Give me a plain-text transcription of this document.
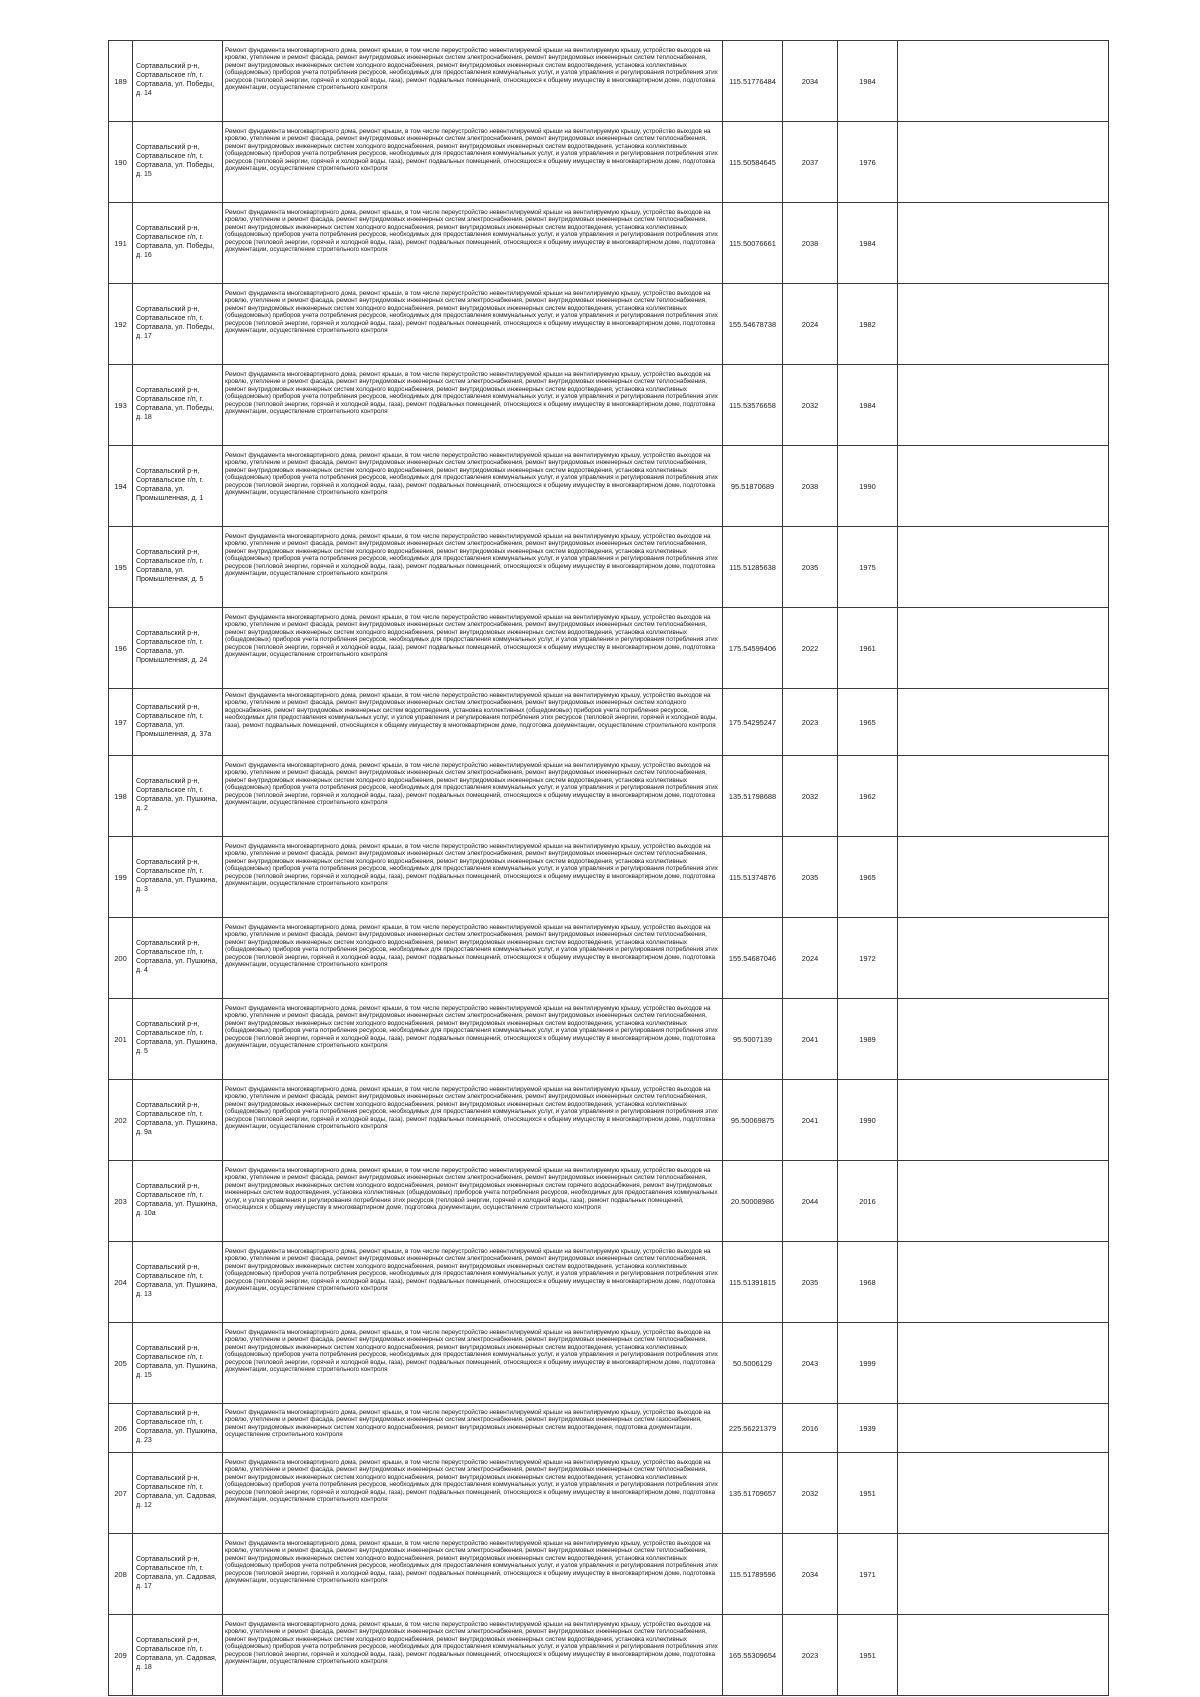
189	Сортавальский р-н, Сортавальское г/п, г. Сортавала, ул. Победы, д. 14	Ремонт фундамента многоквартирного дома, ремонт крыши, в том числе переустройство невентилируемой крыши на вентилируемую крышу, устройство выходов на кровлю, утепление и ремонт фасада, ремонт внутридомовых инженерных систем электроснабжения, ремонт внутридомовых инженерных систем теплоснабжения, ремонт внутридомовых инженерных систем холодного водоснабжения, ремонт внутридомовых инженерных систем водоотведения, установка коллективных (общедомовых) приборов учета потребления ресурсов, необходимых для предоставления коммунальных услуг, и узлов управления и регулирования потребления этих ресурсов (тепловой энергии, горячей и холодной воды, газа), ремонт подвальных помещений, относящихся к общему имуществу в многоквартирном доме, подготовка документации, осуществление строительного контроля	115.51776484	2034	1984	
190	Сортавальский р-н, Сортавальское г/п, г. Сортавала, ул. Победы, д. 15	Ремонт фундамента многоквартирного дома, ремонт крыши, в том числе переустройство невентилируемой крыши на вентилируемую крышу, устройство выходов на кровлю, утепление и ремонт фасада, ремонт внутридомовых инженерных систем электроснабжения, ремонт внутридомовых инженерных систем теплоснабжения, ремонт внутридомовых инженерных систем холодного водоснабжения, ремонт внутридомовых инженерных систем водоотведения, установка коллективных (общедомовых) приборов учета потребления ресурсов, необходимых для предоставления коммунальных услуг, и узлов управления и регулирования потребления этих ресурсов (тепловой энергии, горячей и холодной воды, газа), ремонт подвальных помещений, относящихся к общему имуществу в многоквартирном доме, подготовка документации, осуществление строительного контроля	115.50584645	2037	1976	
191	Сортавальский р-н, Сортавальское г/п, г. Сортавала, ул. Победы, д. 16	Ремонт фундамента многоквартирного дома, ремонт крыши, в том числе переустройство невентилируемой крыши на вентилируемую крышу, устройство выходов на кровлю, утепление и ремонт фасада, ремонт внутридомовых инженерных систем электроснабжения, ремонт внутридомовых инженерных систем теплоснабжения, ремонт внутридомовых инженерных систем холодного водоснабжения, ремонт внутридомовых инженерных систем водоотведения, установка коллективных (общедомовых) приборов учета потребления ресурсов, необходимых для предоставления коммунальных услуг, и узлов управления и регулирования потребления этих ресурсов (тепловой энергии, горячей и холодной воды, газа), ремонт подвальных помещений, относящихся к общему имуществу в многоквартирном доме, подготовка документации, осуществление строительного контроля	115.50076661	2038	1984	
192	Сортавальский р-н, Сортавальское г/п, г. Сортавала, ул. Победы, д. 17	Ремонт фундамента многоквартирного дома, ремонт крыши, в том числе переустройство невентилируемой крыши на вентилируемую крышу, устройство выходов на кровлю, утепление и ремонт фасада, ремонт внутридомовых инженерных систем электроснабжения, ремонт внутридомовых инженерных систем теплоснабжения, ремонт внутридомовых инженерных систем холодного водоснабжения, ремонт внутридомовых инженерных систем водоотведения, установка коллективных (общедомовых) приборов учета потребления ресурсов, необходимых для предоставления коммунальных услуг, и узлов управления и регулирования потребления этих ресурсов (тепловой энергии, горячей и холодной воды, газа), ремонт подвальных помещений, относящихся к общему имуществу в многоквартирном доме, подготовка документации, осуществление строительного контроля	155.54678738	2024	1982	
193	Сортавальский р-н, Сортавальское г/п, г. Сортавала, ул. Победы, д. 18	Ремонт фундамента многоквартирного дома, ремонт крыши, в том числе переустройство невентилируемой крыши на вентилируемую крышу, устройство выходов на кровлю, утепление и ремонт фасада, ремонт внутридомовых инженерных систем электроснабжения, ремонт внутридомовых инженерных систем теплоснабжения, ремонт внутридомовых инженерных систем холодного водоснабжения, ремонт внутридомовых инженерных систем водоотведения, установка коллективных (общедомовых) приборов учета потребления ресурсов, необходимых для предоставления коммунальных услуг, и узлов управления и регулирования потребления этих ресурсов (тепловой энергии, горячей и холодной воды, газа), ремонт подвальных помещений, относящихся к общему имуществу в многоквартирном доме, подготовка документации, осуществление строительного контроля	115.53576658	2032	1984	
194	Сортавальский р-н, Сортавальское г/п, г. Сортавала, ул. Промышленная, д. 1	Ремонт фундамента многоквартирного дома, ремонт крыши, в том числе переустройство невентилируемой крыши на вентилируемую крышу, устройство выходов на кровлю, утепление и ремонт фасада, ремонт внутридомовых инженерных систем электроснабжения, ремонт внутридомовых инженерных систем теплоснабжения, ремонт внутридомовых инженерных систем холодного водоснабжения, ремонт внутридомовых инженерных систем водоотведения, установка коллективных (общедомовых) приборов учета потребления ресурсов, необходимых для предоставления коммунальных услуг, и узлов управления и регулирования потребления этих ресурсов (тепловой энергии, горячей и холодной воды, газа), ремонт подвальных помещений, относящихся к общему имуществу в многоквартирном доме, подготовка документации, осуществление строительного контроля	95.51870689	2038	1990	
195	Сортавальский р-н, Сортавальское г/п, г. Сортавала, ул. Промышленная, д. 5	Ремонт фундамента многоквартирного дома, ремонт крыши, в том числе переустройство невентилируемой крыши на вентилируемую крышу, устройство выходов на кровлю, утепление и ремонт фасада, ремонт внутридомовых инженерных систем электроснабжения, ремонт внутридомовых инженерных систем теплоснабжения, ремонт внутридомовых инженерных систем холодного водоснабжения, ремонт внутридомовых инженерных систем водоотведения, установка коллективных (общедомовых) приборов учета потребления ресурсов, необходимых для предоставления коммунальных услуг, и узлов управления и регулирования потребления этих ресурсов (тепловой энергии, горячей и холодной воды, газа), ремонт подвальных помещений, относящихся к общему имуществу в многоквартирном доме, подготовка документации, осуществление строительного контроля	115.51285638	2035	1975	
196	Сортавальский р-н, Сортавальское г/п, г. Сортавала, ул. Промышленная, д. 24	Ремонт фундамента многоквартирного дома, ремонт крыши, в том числе переустройство невентилируемой крыши на вентилируемую крышу, устройство выходов на кровлю, утепление и ремонт фасада, ремонт внутридомовых инженерных систем электроснабжения, ремонт внутридомовых инженерных систем теплоснабжения, ремонт внутридомовых инженерных систем холодного водоснабжения, ремонт внутридомовых инженерных систем водоотведения, установка коллективных (общедомовых) приборов учета потребления ресурсов, необходимых для предоставления коммунальных услуг, и узлов управления и регулирования потребления этих ресурсов (тепловой энергии, горячей и холодной воды, газа), ремонт подвальных помещений, относящихся к общему имуществу в многоквартирном доме, подготовка документации, осуществление строительного контроля	175.54599406	2022	1961	
197	Сортавальский р-н, Сортавальское г/п, г. Сортавала, ул. Промышленная, д. 37а	Ремонт фундамента многоквартирного дома, ремонт крыши, в том числе переустройство невентилируемой крыши на вентилируемую крышу, устройство выходов на кровлю, утепление и ремонт фасада, ремонт внутридомовых инженерных систем электроснабжения, ремонт внутридомовых инженерных систем холодного водоснабжения, ремонт внутридомовых инженерных систем водоотведения, установка коллективных (общедомовых) приборов учета потребления ресурсов, необходимых для предоставления коммунальных услуг, и узлов управления и регулирования потребления этих ресурсов (тепловой энергии, горячей и холодной воды, газа), ремонт подвальных помещений, относящихся к общему имуществу в многоквартирном доме, подготовка документации, осуществление строительного контроля	175.54295247	2023	1965	
198	Сортавальский р-н, Сортавальское г/п, г. Сортавала, ул. Пушкина, д. 2	Ремонт фундамента многоквартирного дома, ремонт крыши, в том числе переустройство невентилируемой крыши на вентилируемую крышу, устройство выходов на кровлю, утепление и ремонт фасада, ремонт внутридомовых инженерных систем электроснабжения, ремонт внутридомовых инженерных систем теплоснабжения, ремонт внутридомовых инженерных систем холодного водоснабжения, ремонт внутридомовых инженерных систем водоотведения, установка коллективных (общедомовых) приборов учета потребления ресурсов, необходимых для предоставления коммунальных услуг, и узлов управления и регулирования потребления этих ресурсов (тепловой энергии, горячей и холодной воды, газа), ремонт подвальных помещений, относящихся к общему имуществу в многоквартирном доме, подготовка документации, осуществление строительного контроля	135.51798688	2032	1962	
199	Сортавальский р-н, Сортавальское г/п, г. Сортавала, ул. Пушкина, д. 3	Ремонт фундамента многоквартирного дома, ремонт крыши, в том числе переустройство невентилируемой крыши на вентилируемую крышу, устройство выходов на кровлю, утепление и ремонт фасада, ремонт внутридомовых инженерных систем электроснабжения, ремонт внутридомовых инженерных систем теплоснабжения, ремонт внутридомовых инженерных систем холодного водоснабжения, ремонт внутридомовых инженерных систем водоотведения, установка коллективных (общедомовых) приборов учета потребления ресурсов, необходимых для предоставления коммунальных услуг, и узлов управления и регулирования потребления этих ресурсов (тепловой энергии, горячей и холодной воды, газа), ремонт подвальных помещений, относящихся к общему имуществу в многоквартирном доме, подготовка документации, осуществление строительного контроля	115.51374876	2035	1965	
200	Сортавальский р-н, Сортавальское г/п, г. Сортавала, ул. Пушкина, д. 4	Ремонт фундамента многоквартирного дома, ремонт крыши, в том числе переустройство невентилируемой крыши на вентилируемую крышу, устройство выходов на кровлю, утепление и ремонт фасада, ремонт внутридомовых инженерных систем электроснабжения, ремонт внутридомовых инженерных систем теплоснабжения, ремонт внутридомовых инженерных систем холодного водоснабжения, ремонт внутридомовых инженерных систем водоотведения, установка коллективных (общедомовых) приборов учета потребления ресурсов, необходимых для предоставления коммунальных услуг, и узлов управления и регулирования потребления этих ресурсов (тепловой энергии, горячей и холодной воды, газа), ремонт подвальных помещений, относящихся к общему имуществу в многоквартирном доме, подготовка документации, осуществление строительного контроля	155.54687046	2024	1972	
201	Сортавальский р-н, Сортавальское г/п, г. Сортавала, ул. Пушкина, д. 5	Ремонт фундамента многоквартирного дома, ремонт крыши, в том числе переустройство невентилируемой крыши на вентилируемую крышу, устройство выходов на кровлю, утепление и ремонт фасада, ремонт внутридомовых инженерных систем электроснабжения, ремонт внутридомовых инженерных систем теплоснабжения, ремонт внутридомовых инженерных систем холодного водоснабжения, ремонт внутридомовых инженерных систем водоотведения, установка коллективных (общедомовых) приборов учета потребления ресурсов, необходимых для предоставления коммунальных услуг, и узлов управления и регулирования потребления этих ресурсов (тепловой энергии, горячей и холодной воды, газа), ремонт подвальных помещений, относящихся к общему имуществу в многоквартирном доме, подготовка документации, осуществление строительного контроля	95.5007139	2041	1989	
202	Сортавальский р-н, Сортавальское г/п, г. Сортавала, ул. Пушкина, д. 9а	Ремонт фундамента многоквартирного дома, ремонт крыши, в том числе переустройство невентилируемой крыши на вентилируемую крышу, устройство выходов на кровлю, утепление и ремонт фасада, ремонт внутридомовых инженерных систем электроснабжения, ремонт внутридомовых инженерных систем теплоснабжения, ремонт внутридомовых инженерных систем холодного водоснабжения, ремонт внутридомовых инженерных систем водоотведения, установка коллективных (общедомовых) приборов учета потребления ресурсов, необходимых для предоставления коммунальных услуг, и узлов управления и регулирования потребления этих ресурсов (тепловой энергии, горячей и холодной воды, газа), ремонт подвальных помещений, относящихся к общему имуществу в многоквартирном доме, подготовка документации, осуществление строительного контроля	95.50069875	2041	1990	
203	Сортавальский р-н, Сортавальское г/п, г. Сортавала, ул. Пушкина, д. 10а	Ремонт фундамента многоквартирного дома, ремонт крыши, в том числе переустройство невентилируемой крыши на вентилируемую крышу, устройство выходов на кровлю, утепление и ремонт фасада, ремонт внутридомовых инженерных систем электроснабжения, ремонт внутридомовых инженерных систем теплоснабжения, ремонт внутридомовых инженерных систем холодного водоснабжения, ремонт внутридомовых инженерных систем горячего водоснабжения, ремонт внутридомовых инженерных систем водоотведения, установка коллективных (общедомовых) приборов учета потребления ресурсов, необходимых для предоставления коммунальных услуг, и узлов управления и регулирования потребления этих ресурсов (тепловой энергии, горячей и холодной воды, газа), ремонт подвальных помещений, относящихся к общему имуществу в многоквартирном доме, подготовка документации, осуществление строительного контроля	20.50008986	2044	2016	
204	Сортавальский р-н, Сортавальское г/п, г. Сортавала, ул. Пушкина, д. 13	Ремонт фундамента многоквартирного дома, ремонт крыши, в том числе переустройство невентилируемой крыши на вентилируемую крышу, устройство выходов на кровлю, утепление и ремонт фасада, ремонт внутридомовых инженерных систем электроснабжения, ремонт внутридомовых инженерных систем теплоснабжения, ремонт внутридомовых инженерных систем холодного водоснабжения, ремонт внутридомовых инженерных систем водоотведения, установка коллективных (общедомовых) приборов учета потребления ресурсов, необходимых для предоставления коммунальных услуг, и узлов управления и регулирования потребления этих ресурсов (тепловой энергии, горячей и холодной воды, газа), ремонт подвальных помещений, относящихся к общему имуществу в многоквартирном доме, подготовка документации, осуществление строительного контроля	115.51391815	2035	1968	
205	Сортавальский р-н, Сортавальское г/п, г. Сортавала, ул. Пушкина, д. 15	Ремонт фундамента многоквартирного дома, ремонт крыши, в том числе переустройство невентилируемой крыши на вентилируемую крышу, устройство выходов на кровлю, утепление и ремонт фасада, ремонт внутридомовых инженерных систем электроснабжения, ремонт внутридомовых инженерных систем теплоснабжения, ремонт внутридомовых инженерных систем холодного водоснабжения, ремонт внутридомовых инженерных систем водоотведения, установка коллективных (общедомовых) приборов учета потребления ресурсов, необходимых для предоставления коммунальных услуг, и узлов управления и регулирования потребления этих ресурсов (тепловой энергии, горячей и холодной воды, газа), ремонт подвальных помещений, относящихся к общему имуществу в многоквартирном доме, подготовка документации, осуществление строительного контроля	50.5006129	2043	1999	
206	Сортавальский р-н, Сортавальское г/п, г. Сортавала, ул. Пушкина, д. 23	Ремонт фундамента многоквартирного дома, ремонт крыши, в том числе переустройство невентилируемой крыши на вентилируемую крышу, устройство выходов на кровлю, утепление и ремонт фасада, ремонт внутридомовых инженерных систем электроснабжения, ремонт внутридомовых инженерных систем газоснабжения, ремонт внутридомовых инженерных систем холодного водоснабжения, ремонт внутридомовых инженерных систем водоотведения, подготовка документации, осуществление строительного контроля	225.56221379	2016	1939	
207	Сортавальский р-н, Сортавальское г/п, г. Сортавала, ул. Садовая, д. 12	Ремонт фундамента многоквартирного дома, ремонт крыши, в том числе переустройство невентилируемой крыши на вентилируемую крышу, устройство выходов на кровлю, утепление и ремонт фасада, ремонт внутридомовых инженерных систем электроснабжения, ремонт внутридомовых инженерных систем теплоснабжения, ремонт внутридомовых инженерных систем холодного водоснабжения, ремонт внутридомовых инженерных систем водоотведения, установка коллективных (общедомовых) приборов учета потребления ресурсов, необходимых для предоставления коммунальных услуг, и узлов управления и регулирования потребления этих ресурсов (тепловой энергии, горячей и холодной воды, газа), ремонт подвальных помещений, относящихся к общему имуществу в многоквартирном доме, подготовка документации, осуществление строительного контроля	135.51709657	2032	1951	
208	Сортавальский р-н, Сортавальское г/п, г. Сортавала, ул. Садовая, д. 17	Ремонт фундамента многоквартирного дома, ремонт крыши, в том числе переустройство невентилируемой крыши на вентилируемую крышу, устройство выходов на кровлю, утепление и ремонт фасада, ремонт внутридомовых инженерных систем электроснабжения, ремонт внутридомовых инженерных систем теплоснабжения, ремонт внутридомовых инженерных систем холодного водоснабжения, ремонт внутридомовых инженерных систем водоотведения, установка коллективных (общедомовых) приборов учета потребления ресурсов, необходимых для предоставления коммунальных услуг, и узлов управления и регулирования потребления этих ресурсов (тепловой энергии, горячей и холодной воды, газа), ремонт подвальных помещений, относящихся к общему имуществу в многоквартирном доме, подготовка документации, осуществление строительного контроля	115.51789596	2034	1971	
209	Сортавальский р-н, Сортавальское г/п, г. Сортавала, ул. Садовая, д. 18	Ремонт фундамента многоквартирного дома, ремонт крыши, в том числе переустройство невентилируемой крыши на вентилируемую крышу, устройство выходов на кровлю, утепление и ремонт фасада, ремонт внутридомовых инженерных систем электроснабжения, ремонт внутридомовых инженерных систем теплоснабжения, ремонт внутридомовых инженерных систем холодного водоснабжения, ремонт внутридомовых инженерных систем водоотведения, установка коллективных (общедомовых) приборов учета потребления ресурсов, необходимых для предоставления коммунальных услуг, и узлов управления и регулирования потребления этих ресурсов (тепловой энергии, горячей и холодной воды, газа), ремонт подвальных помещений, относящихся к общему имуществу в многоквартирном доме, подготовка документации, осуществление строительного контроля	165.55309654	2023	1951	
